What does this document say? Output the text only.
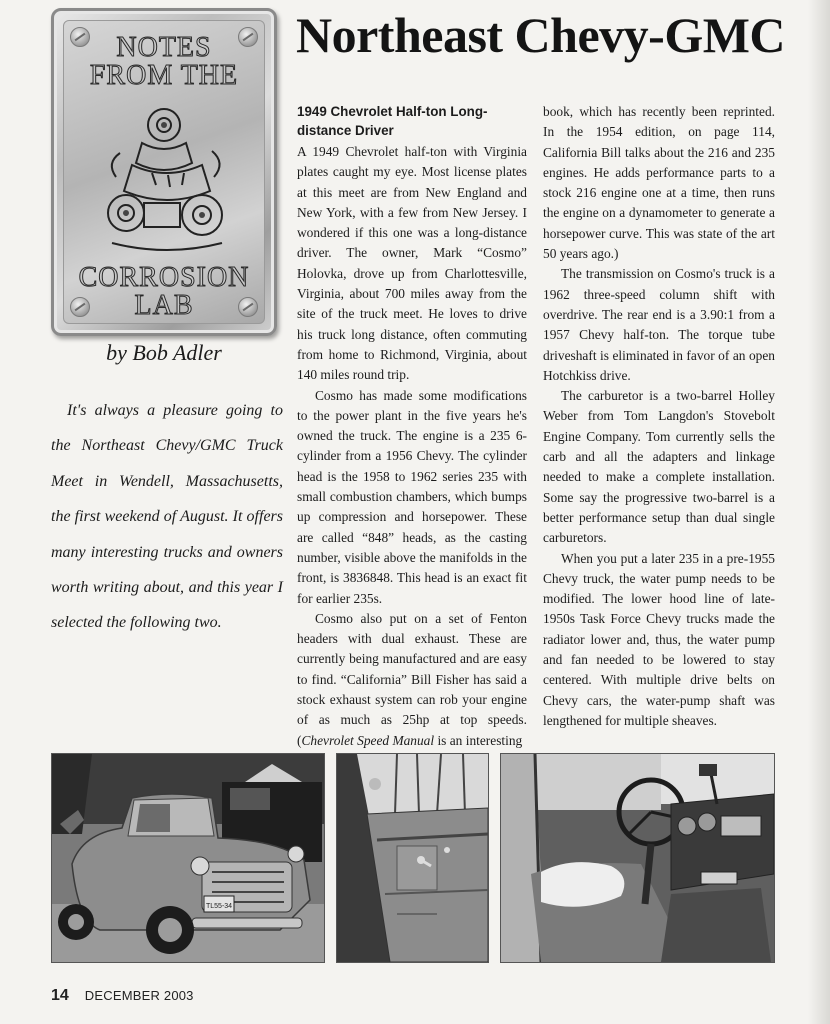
NOTES
FROM THE
CORROSION
LAB
Northeast Chevy-GMC
by Bob Adler

It's always a pleasure going to the Northeast Chevy/GMC Truck Meet in Wendell, Massachusetts, the first weekend of August. It offers many interesting trucks and owners worth writing about, and this year I selected the following two.

1949 Chevrolet Half-ton Long-distance Driver

A 1949 Chevrolet half-ton with Virginia plates caught my eye. Most license plates at this meet are from New England and New York, with a few from New Jersey. I wondered if this one was a long-distance driver. The owner, Mark “Cosmo” Holovka, drove up from Charlottesville, Virginia, about 700 miles away from the site of the truck meet. He loves to drive his truck long distance, often commuting from home to Richmond, Virginia, about 140 miles round trip.

Cosmo has made some modifications to the power plant in the five years he's owned the truck. The engine is a 235 6-cylinder from a 1956 Chevy. The cylinder head is the 1958 to 1962 series 235 with small combustion chambers, which bumps up compression and horsepower. These are called “848” heads, as the casting number, visible above the manifolds in the front, is 3836848. This head is an exact fit for earlier 235s.

Cosmo also put on a set of Fenton headers with dual exhaust. These are currently being manufactured and are easy to find. “California” Bill Fisher has said a stock exhaust system can rob your engine of as much as 25hp at top speeds. (Chevrolet Speed Manual is an interesting

book, which has recently been reprinted. In the 1954 edition, on page 114, California Bill talks about the 216 and 235 engines. He adds performance parts to a stock 216 engine one at a time, then runs the engine on a dynamometer to generate a horsepower curve. This was state of the art 50 years ago.)

The transmission on Cosmo's truck is a 1962 three-speed column shift with overdrive. The rear end is a 3.90:1 from a 1957 Chevy half-ton. The torque tube driveshaft is eliminated in favor of an open Hotchkiss drive.

The carburetor is a two-barrel Holley Weber from Tom Langdon's Stovebolt Engine Company. Tom currently sells the carb and all the adapters and linkage needed to make a complete installation. Some say the progressive two-barrel is a better performance setup than dual single carburetors.

When you put a later 235 in a pre-1955 Chevy truck, the water pump needs to be modified. The lower hood line of late-1950s Task Force Chevy trucks made the radiator lower and, thus, the water pump and fan needed to be lowered to stay centered. With multiple drive belts on Chevy cars, the water-pump shaft was lengthened for multiple sheaves.

TL55-34
14 DECEMBER 2003
